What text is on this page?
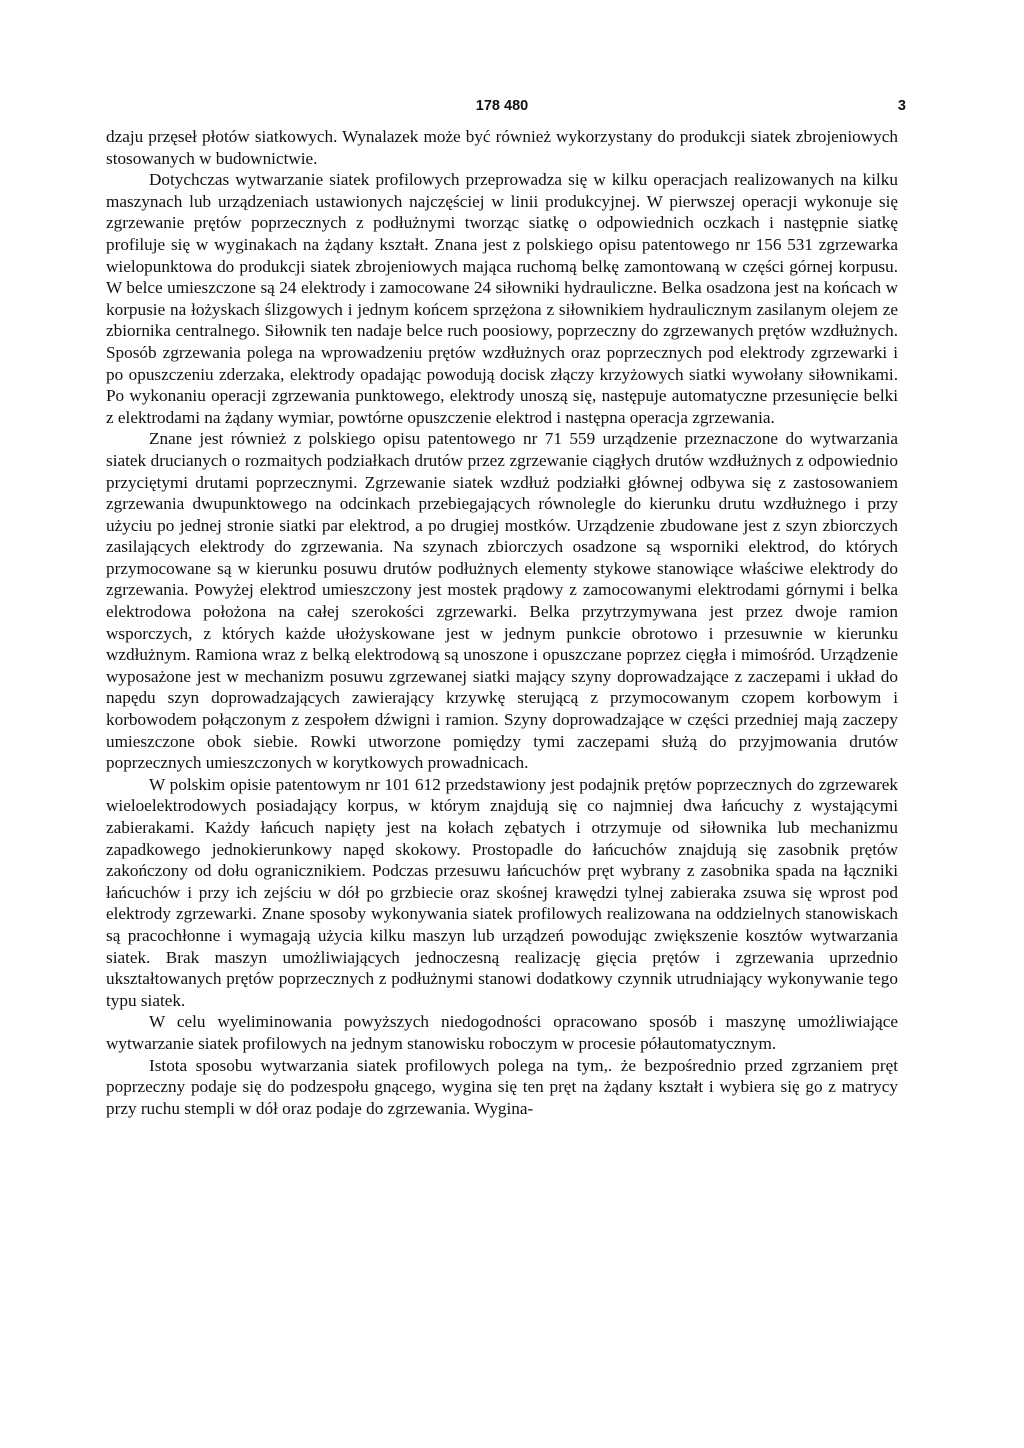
178 480	3

dzaju przęseł płotów siatkowych. Wynalazek może być również wykorzystany do produkcji siatek zbrojeniowych stosowanych w budownictwie.

Dotychczas wytwarzanie siatek profilowych przeprowadza się w kilku operacjach realizowanych na kilku maszynach lub urządzeniach ustawionych najczęściej w linii produkcyjnej. W pierwszej operacji wykonuje się zgrzewanie prętów poprzecznych z podłużnymi tworząc siatkę o odpowiednich oczkach i następnie siatkę profiluje się w wyginakach na żądany kształt. Znana jest z polskiego opisu patentowego nr 156 531 zgrzewarka wielopunktowa do produkcji siatek zbrojeniowych mająca ruchomą belkę zamontowaną w części górnej korpusu. W belce umieszczone są 24 elektrody i zamocowane 24 siłowniki hydrauliczne. Belka osadzona jest na końcach w korpusie na łożyskach ślizgowych i jednym końcem sprzężona z siłownikiem hydraulicznym zasilanym olejem ze zbiornika centralnego. Siłownik ten nadaje belce ruch poosiowy, poprzeczny do zgrzewanych prętów wzdłużnych. Sposób zgrzewania polega na wprowadzeniu prętów wzdłużnych oraz poprzecznych pod elektrody zgrzewarki i po opuszczeniu zderzaka, elektrody opadając powodują docisk złączy krzyżowych siatki wywołany siłownikami. Po wykonaniu operacji zgrzewania punktowego, elektrody unoszą się, następuje automatyczne przesunięcie belki z elektrodami na żądany wymiar, powtórne opuszczenie elektrod i następna operacja zgrzewania.

Znane jest również z polskiego opisu patentowego nr 71 559 urządzenie przeznaczone do wytwarzania siatek drucianych o rozmaitych podziałkach drutów przez zgrzewanie ciągłych drutów wzdłużnych z odpowiednio przyciętymi drutami poprzecznymi. Zgrzewanie siatek wzdłuż podziałki głównej odbywa się z zastosowaniem zgrzewania dwupunktowego na odcinkach przebiegających równolegle do kierunku drutu wzdłużnego i przy użyciu po jednej stronie siatki par elektrod, a po drugiej mostków. Urządzenie zbudowane jest z szyn zbiorczych zasilających elektrody do zgrzewania. Na szynach zbiorczych osadzone są wsporniki elektrod, do których przymocowane są w kierunku posuwu drutów podłużnych elementy stykowe stanowiące właściwe elektrody do zgrzewania. Powyżej elektrod umieszczony jest mostek prądowy z zamocowanymi elektrodami górnymi i belka elektrodowa położona na całej szerokości zgrzewarki. Belka przytrzymywana jest przez dwoje ramion wsporczych, z których każde ułożyskowane jest w jednym punkcie obrotowo i przesuwnie w kierunku wzdłużnym. Ramiona wraz z belką elektrodową są unoszone i opuszczane poprzez cięgła i mimośród. Urządzenie wyposażone jest w mechanizm posuwu zgrzewanej siatki mający szyny doprowadzające z zaczepami i układ do napędu szyn doprowadzających zawierający krzywkę sterującą z przymocowanym czopem korbowym i korbowodem połączonym z zespołem dźwigni i ramion. Szyny doprowadzające w części przedniej mają zaczepy umieszczone obok siebie. Rowki utworzone pomiędzy tymi zaczepami służą do przyjmowania drutów poprzecznych umieszczonych w korytkowych prowadnicach.

W polskim opisie patentowym nr 101 612 przedstawiony jest podajnik prętów poprzecznych do zgrzewarek wieloelektrodowych posiadający korpus, w którym znajdują się co najmniej dwa łańcuchy z wystającymi zabierakami. Każdy łańcuch napięty jest na kołach zębatych i otrzymuje od siłownika lub mechanizmu zapadkowego jednokierunkowy napęd skokowy. Prostopadle do łańcuchów znajdują się zasobnik prętów zakończony od dołu ogranicznikiem. Podczas przesuwu łańcuchów pręt wybrany z zasobnika spada na łączniki łańcuchów i przy ich zejściu w dół po grzbiecie oraz skośnej krawędzi tylnej zabieraka zsuwa się wprost pod elektrody zgrzewarki. Znane sposoby wykonywania siatek profilowych realizowana na oddzielnych stanowiskach są pracochłonne i wymagają użycia kilku maszyn lub urządzeń powodując zwiększenie kosztów wytwarzania siatek. Brak maszyn umożliwiających jednoczesną realizację gięcia prętów i zgrzewania uprzednio ukształtowanych prętów poprzecznych z podłużnymi stanowi dodatkowy czynnik utrudniający wykonywanie tego typu siatek.

W celu wyeliminowania powyższych niedogodności opracowano sposób i maszynę umożliwiające wytwarzanie siatek profilowych na jednym stanowisku roboczym w procesie półautomatycznym.

Istota sposobu wytwarzania siatek profilowych polega na tym,. że bezpośrednio przed zgrzaniem pręt poprzeczny podaje się do podzespołu gnącego, wygina się ten pręt na żądany kształt i wybiera się go z matrycy przy ruchu stempli w dół oraz podaje do zgrzewania. Wygina-
